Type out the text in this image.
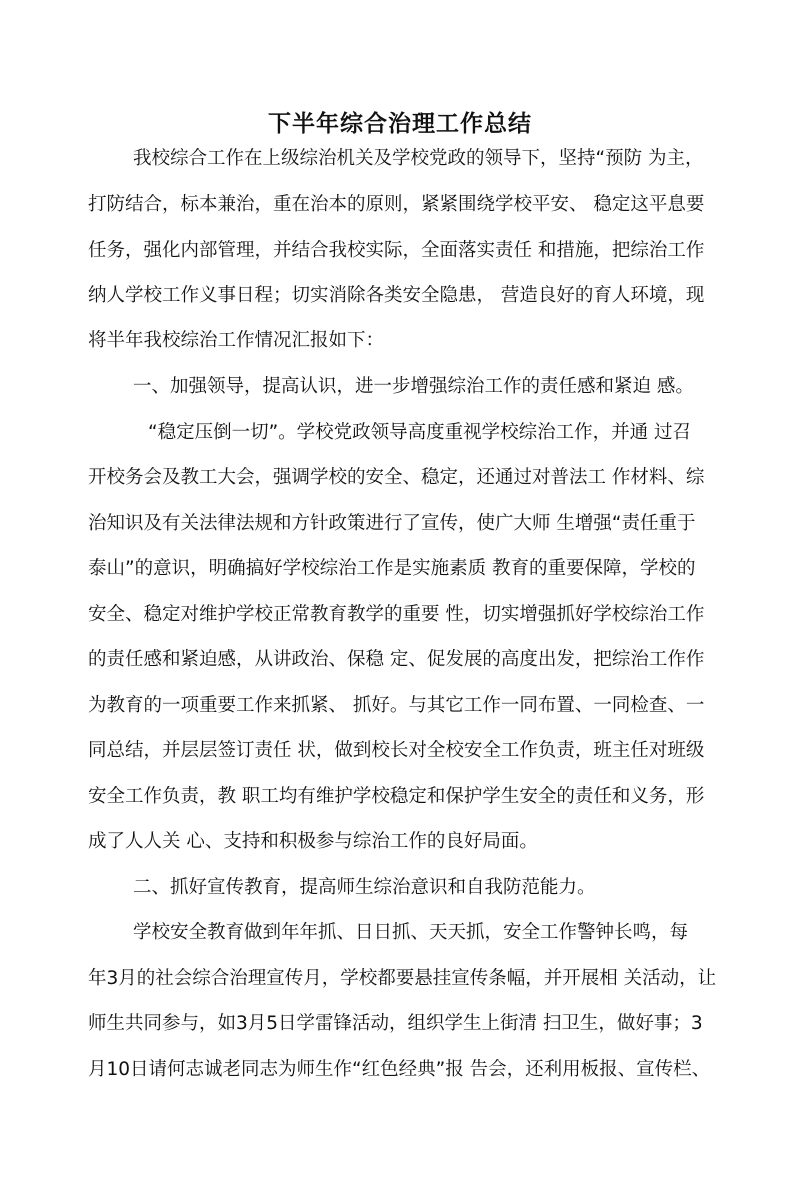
下半年综合治理工作总结
我校综合工作在上级综治机关及学校党政的领导下，坚持“预防 为主，
打防结合，标本兼治，重在治本的原则，紧紧围绕学校平安、 稳定这平息要
任务，强化内部管理，并结合我校实际，全面落实责任 和措施，把综治工作
纳人学校工作义事日程；切实消除各类安全隐患， 营造良好的育人环境，现
将半年我校综治工作情况汇报如下：
一、加强领导，提高认识，进一步增强综治工作的责任感和紧迫 感。
“稳定压倒一切”。学校党政领导高度重视学校综治工作，并通 过召
开校务会及教工大会，强调学校的安全、稳定，还通过对普法工 作材料、综
治知识及有关法律法规和方针政策进行了宣传，使广大师 生增强“责任重于
泰山”的意识，明确搞好学校综治工作是实施素质 教育的重要保障，学校的
安全、稳定对维护学校正常教育教学的重要 性，切实增强抓好学校综治工作
的责任感和紧迫感，从讲政治、保稳 定、促发展的高度出发，把综治工作作
为教育的一项重要工作来抓紧、 抓好。与其它工作一同布置、一同检查、一
同总结，并层层签订责任 状，做到校长对全校安全工作负责，班主任对班级
安全工作负责，教 职工均有维护学校稳定和保护学生安全的责任和义务，形
成了人人关 心、支持和积极参与综治工作的良好局面。
二、抓好宣传教育，提高师生综治意识和自我防范能力。
学校安全教育做到年年抓、日日抓、天天抓，安全工作警钟长鸣，每
年3月的社会综合治理宣传月，学校都要悬挂宣传条幅，并开展相 关活动，让
师生共同参与，如3月5日学雷锋活动，组织学生上街清 扫卫生，做好事；3
月10日请何志诚老同志为师生作“红色经典”报 告会，还利用板报、宣传栏、
